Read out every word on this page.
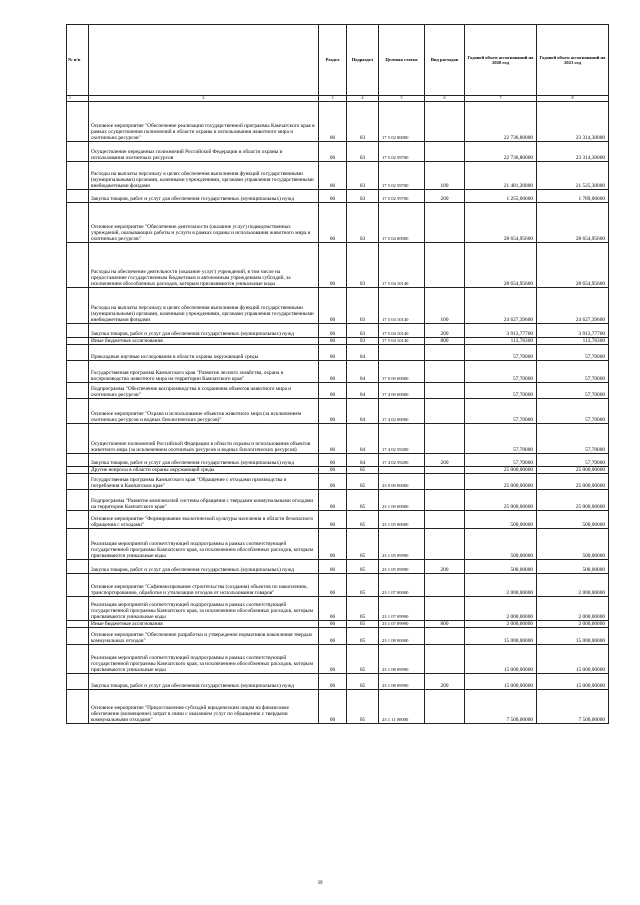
№ п/п		Раздел	Подраздел	Целевая статья	Вид расходов	Годовой объем ассигнований на 2020 год	Годовой объем ассигнований на 2021 год
1	2	3	4	5	6	7	8
	Основное мероприятие "Обеспечение реализации государственной программы Камчатского края в рамках осуществления полномочий в области охраны и использования животного мира и охотничьих ресурсов"	06	03	17 5 02 00000		22 736,80000	23 314,30000
	Осуществление переданных полномочий Российской Федерации в области охраны и использования охотничьих ресурсов	06	03	17 5 02 59700		22 736,80000	23 314,30000
	Расходы на выплаты персоналу в целях обеспечения выполнения функций государственными (муниципальными) органами, казенными учреждениями, органами управления государственными внебюджетными фондами	06	03	17 5 02 59700	100	21 481,20000	21 525,30000
	Закупка товаров, работ и услуг для обеспечения государственных (муниципальных) нужд	06	03	17 5 02 59700	200	1 255,60000	1 789,00000
	Основное мероприятие "Обеспечение деятельности (оказание услуг) подведомственных учреждений, оказывающих работы и услуги в рамках охраны и использования животного мира и охотничьих ресурсов"	06	03	17 5 04 00000		28 654,95600	28 654,95600
	Расходы на обеспечение деятельности (оказание услуг) учреждений, в том числе на предоставление государственным бюджетным и автономным учреждениям субсидий, за исключением обособленных расходов, которым присваиваются уникальные коды	06	03	17 5 04 10140		28 654,95600	28 654,95600
	Расходы на выплаты персоналу в целях обеспечения выполнения функций государственными (муниципальными) органами, казенными учреждениями, органами управления государственными внебюджетными фондами	06	03	17 5 04 10140	100	24 627,39600	24 627,39600
	Закупка товаров, работ и услуг для обеспечения государственных (муниципальных) нужд	06	03	17 5 04 10140	200	3 913,77700	3 913,77700
	Иные бюджетные ассигнования	06	03	17 5 04 10140	800	113,78300	113,78300
	Прикладные научные исследования в области охраны окружающей среды	06	04			57,70000	57,70000
	Государственная программа Камчатского края "Развитие лесного хозяйства, охрана и воспроизводство животного мира на территории Камчатского края"	06	04	17 0 00 00000		57,70000	57,70000
	Подпрограмма "Обеспечение воспроизводства и сохранения объектов животного мира и охотничьих ресурсов"	06	04	17 4 00 00000		57,70000	57,70000
	Основное мероприятие "Охрана и использование объектов животного мира (за исключением охотничьих ресурсов и водных биологических ресурсов)"	06	04	17 4 02 00000		57,70000	57,70000
	Осуществление полномочий Российской Федерации в области охраны и использования объектов животного мира (за исключением охотничьих ресурсов и водных биологических ресурсов)	06	04	17 4 02 59200		57,70000	57,70000
	Закупка товаров, работ и услуг для обеспечения государственных (муниципальных) нужд	06	04	17 4 02 59200	200	57,70000	57,70000
	Другие вопросы в области охраны окружающей среды	06	05			25 000,00000	25 000,00000
	Государственная программа Камчатского края "Обращение с отходами производства и потребления в Камчатском крае"	06	05	23 0 00 00000		25 000,00000	25 000,00000
	Подпрограмма "Развитие комплексной системы обращения с твердыми коммунальными отходами на территории Камчатского края"	06	05	23 1 00 00000		25 000,00000	25 000,00000
	Основное мероприятие "Формирование экологической культуры населения в области безопасного обращения с отходами"	06	05	23 1 05 00000		500,00000	500,00000
	Реализация мероприятий соответствующей подпрограммы в рамках соответствующей государственной программы Камчатского края, за исключением обособленных расходов, которым присваиваются уникальные коды	06	05	23 1 05 09990		500,00000	500,00000
	Закупка товаров, работ и услуг для обеспечения государственных (муниципальных) нужд	06	05	23 1 05 09990	200	500,00000	500,00000
	Основное мероприятие "Софинансирование строительства (создания) объектов по накоплению, транспортированию, обработке и утилизации отходов от использования товаров"	06	05	23 1 07 00000		2 000,00000	2 000,00000
	Реализация мероприятий соответствующей подпрограммы в рамках соответствующей государственной программы Камчатского края, за исключением обособленных расходов, которым присваиваются уникальные коды	06	05	23 1 07 09990		2 000,00000	2 000,00000
	Иные бюджетные ассигнования	06	05	23 1 07 09990	800	2 000,00000	2 000,00000
	Основное мероприятие "Обеспечение разработки и утверждение нормативов накопления твердых коммунальных отходов"	06	05	23 1 08 00000		15 000,00000	15 000,00000
	Реализация мероприятий соответствующей подпрограммы в рамках соответствующей государственной программы Камчатского края, за исключением обособленных расходов, которым присваиваются уникальные коды	06	05	23 1 08 09990		15 000,00000	15 000,00000
	Закупка товаров, работ и услуг для обеспечения государственных (муниципальных) нужд	06	05	23 1 08 09990	200	15 000,00000	15 000,00000
	Основное мероприятие "Предоставление субсидий юридическим лицам на финансовое обеспечение (возмещение) затрат в связи с оказанием услуг по обращению с твердыми коммунальными отходами"	06	05	23 1 11 00000		7 500,00000	7 500,00000
39
